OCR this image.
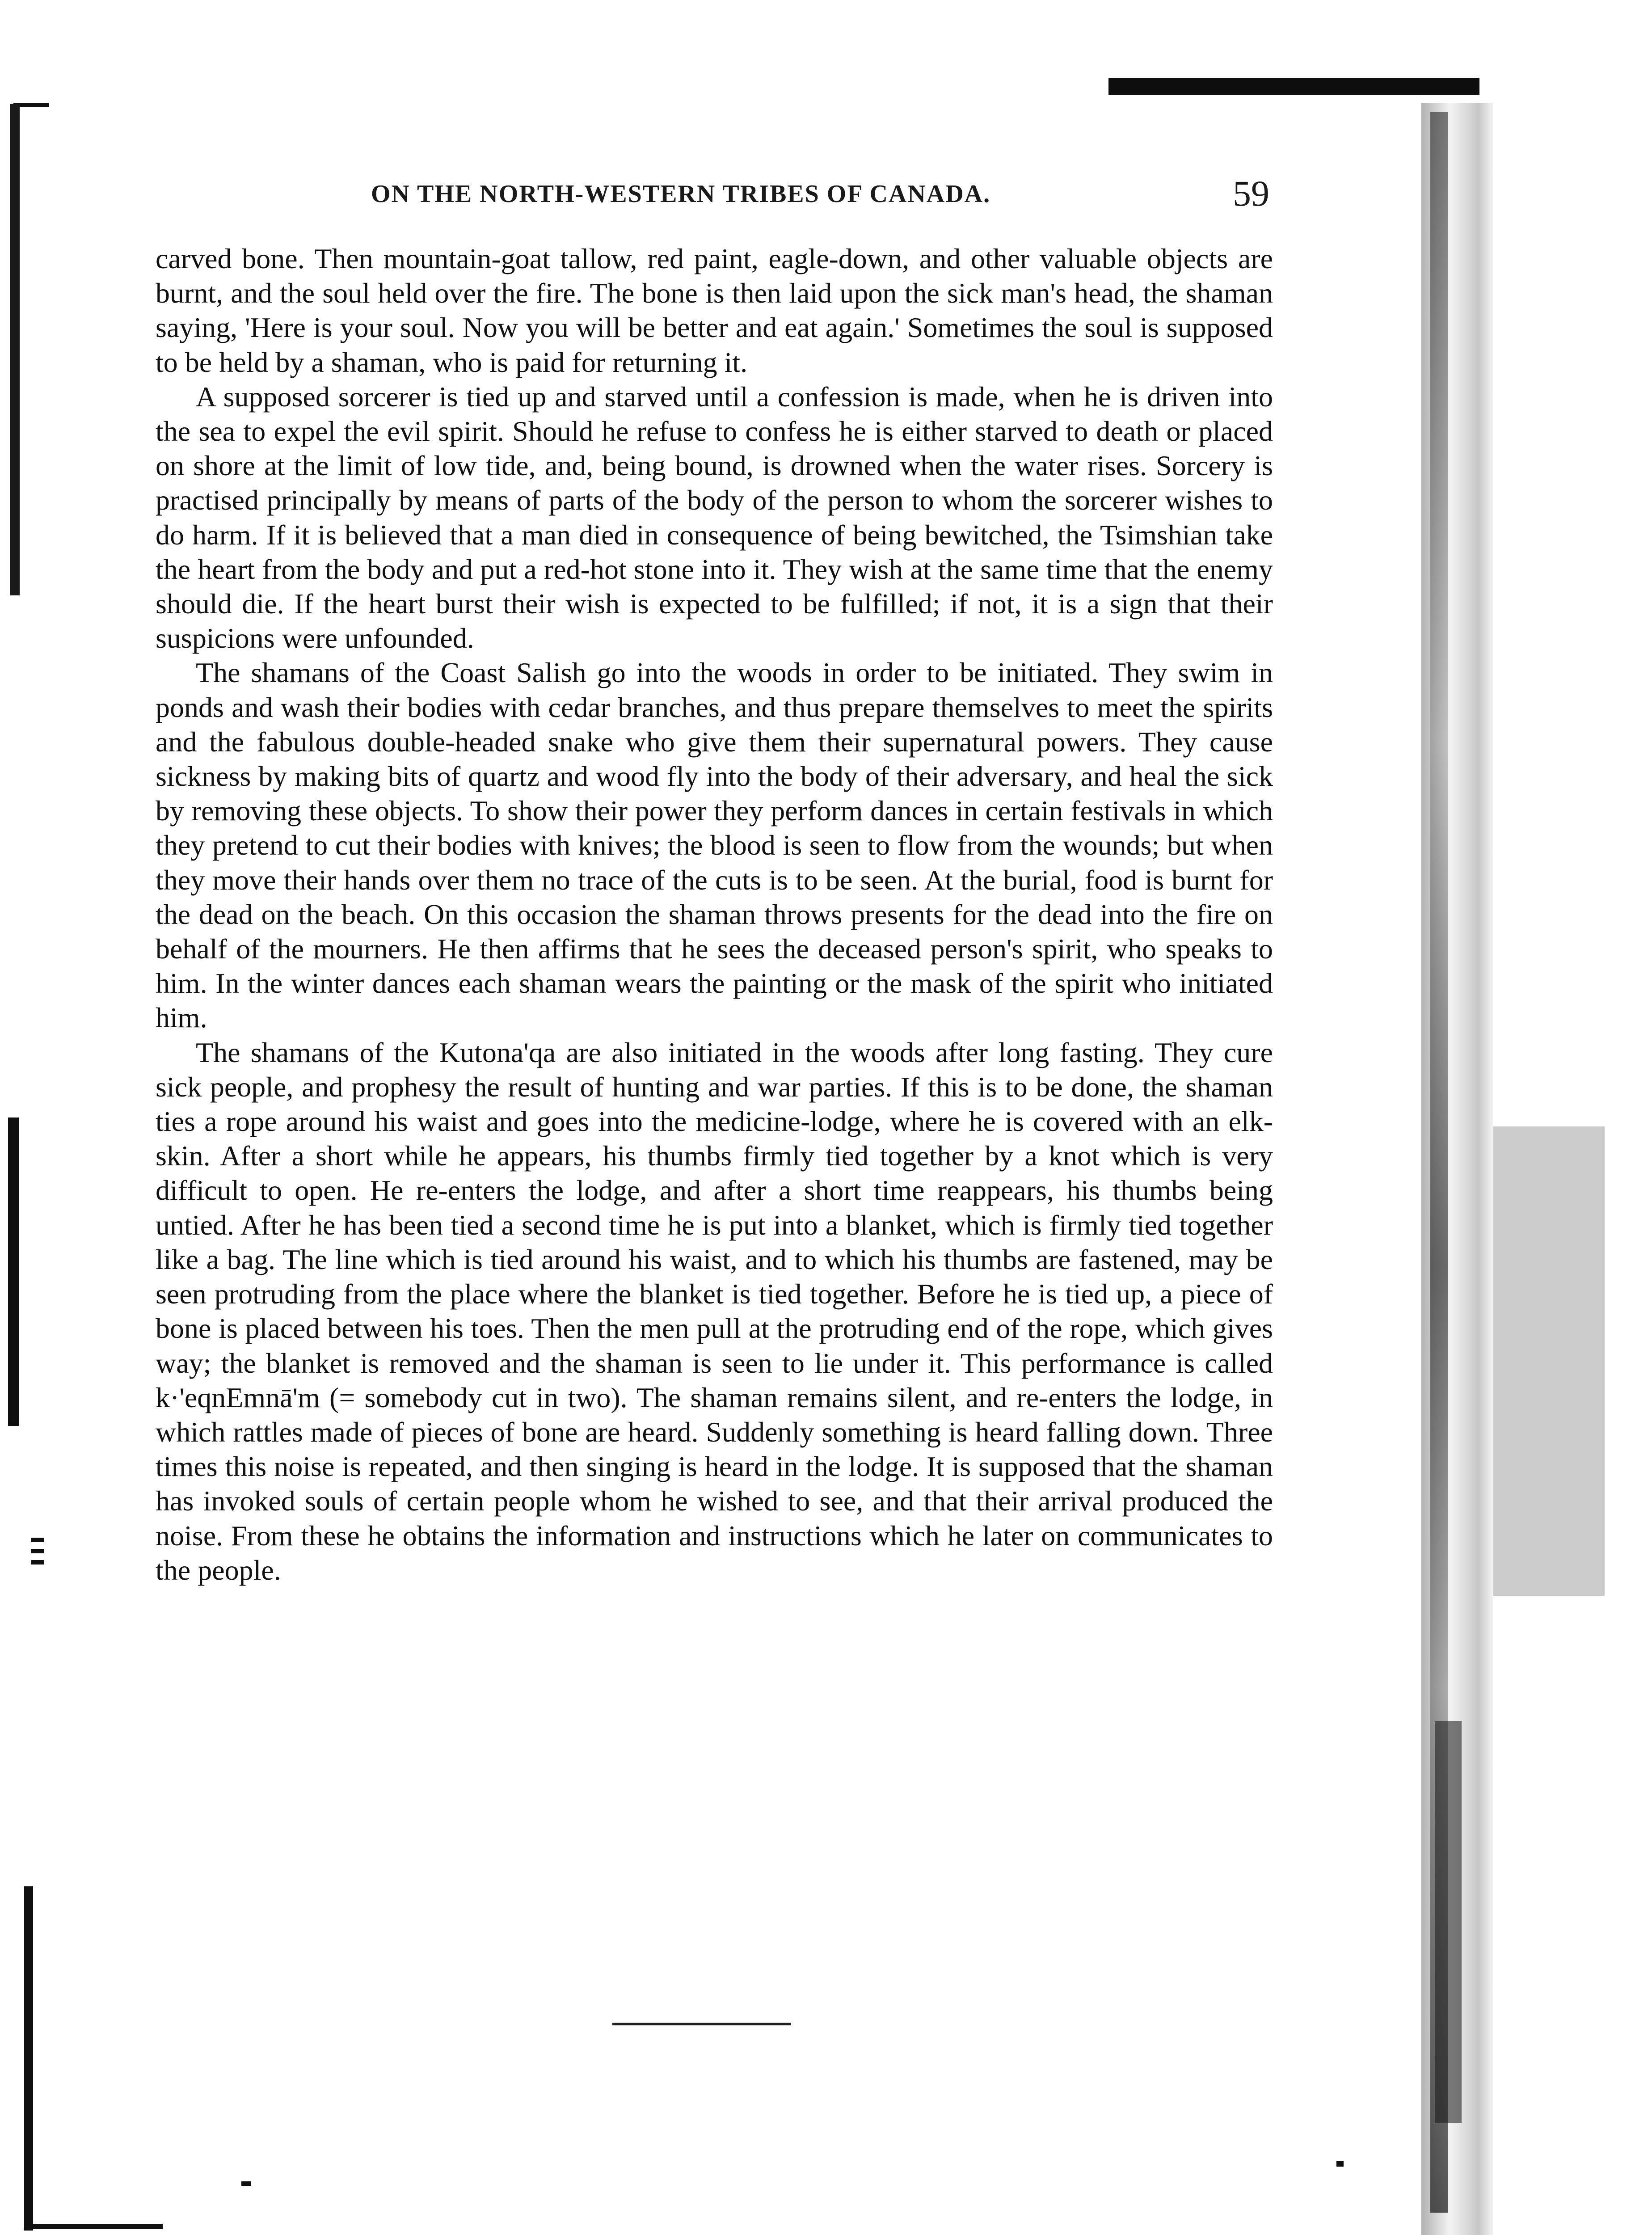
ON THE NORTH-WESTERN TRIBES OF CANADA.	59

carved bone. Then mountain-goat tallow, red paint, eagle-down, and other valuable objects are burnt, and the soul held over the fire. The bone is then laid upon the sick man's head, the shaman saying, 'Here is your soul. Now you will be better and eat again.' Sometimes the soul is supposed to be held by a shaman, who is paid for returning it.

A supposed sorcerer is tied up and starved until a confession is made, when he is driven into the sea to expel the evil spirit. Should he refuse to confess he is either starved to death or placed on shore at the limit of low tide, and, being bound, is drowned when the water rises. Sorcery is practised principally by means of parts of the body of the person to whom the sorcerer wishes to do harm. If it is believed that a man died in consequence of being bewitched, the Tsimshian take the heart from the body and put a red-hot stone into it. They wish at the same time that the enemy should die. If the heart burst their wish is expected to be fulfilled; if not, it is a sign that their suspicions were unfounded.

The shamans of the Coast Salish go into the woods in order to be initiated. They swim in ponds and wash their bodies with cedar branches, and thus prepare themselves to meet the spirits and the fabulous double-headed snake who give them their supernatural powers. They cause sickness by making bits of quartz and wood fly into the body of their adversary, and heal the sick by removing these objects. To show their power they perform dances in certain festivals in which they pretend to cut their bodies with knives; the blood is seen to flow from the wounds; but when they move their hands over them no trace of the cuts is to be seen. At the burial, food is burnt for the dead on the beach. On this occasion the shaman throws presents for the dead into the fire on behalf of the mourners. He then affirms that he sees the deceased person's spirit, who speaks to him. In the winter dances each shaman wears the painting or the mask of the spirit who initiated him.

The shamans of the Kutona'qa are also initiated in the woods after long fasting. They cure sick people, and prophesy the result of hunting and war parties. If this is to be done, the shaman ties a rope around his waist and goes into the medicine-lodge, where he is covered with an elk-skin. After a short while he appears, his thumbs firmly tied together by a knot which is very difficult to open. He re-enters the lodge, and after a short time reappears, his thumbs being untied. After he has been tied a second time he is put into a blanket, which is firmly tied together like a bag. The line which is tied around his waist, and to which his thumbs are fastened, may be seen protruding from the place where the blanket is tied together. Before he is tied up, a piece of bone is placed between his toes. Then the men pull at the protruding end of the rope, which gives way; the blanket is removed and the shaman is seen to lie under it. This performance is called k·'eqnEmnā'm (= somebody cut in two). The shaman remains silent, and re-enters the lodge, in which rattles made of pieces of bone are heard. Suddenly something is heard falling down. Three times this noise is repeated, and then singing is heard in the lodge. It is supposed that the shaman has invoked souls of certain people whom he wished to see, and that their arrival produced the noise. From these he obtains the information and instructions which he later on communicates to the people.
